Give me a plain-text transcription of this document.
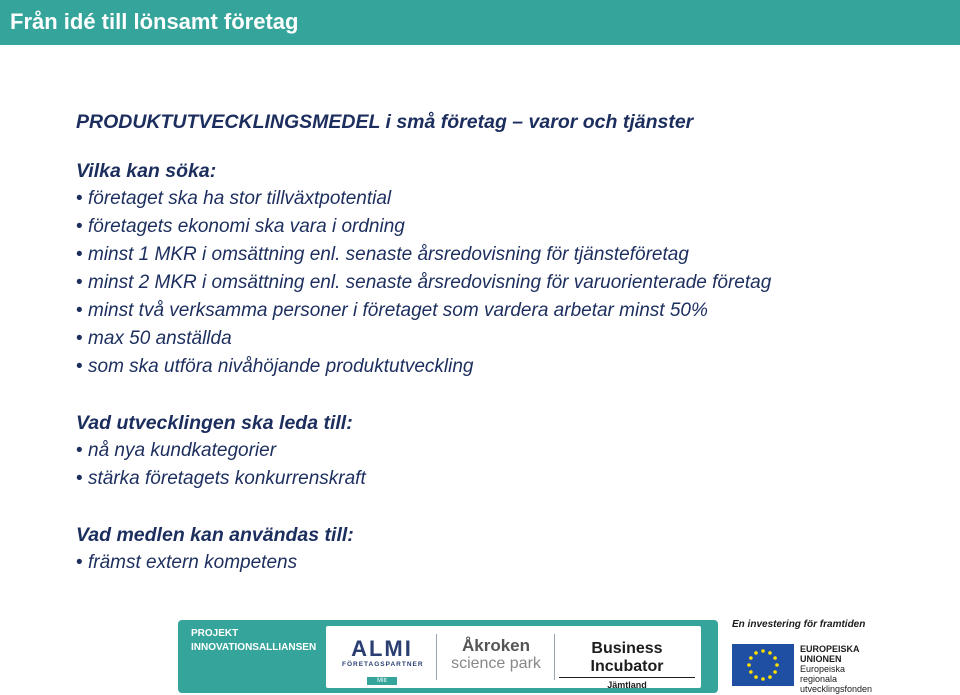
Från idé till lönsamt företag
PRODUKTUTVECKLINGSMEDEL i små företag – varor och tjänster
Vilka kan söka:
• företaget ska ha stor tillväxtpotential
• företagets ekonomi ska vara i ordning
• minst 1 MKR i omsättning enl. senaste årsredovisning för tjänsteföretag
• minst 2 MKR i omsättning enl. senaste årsredovisning för varuorienterade företag
• minst två verksamma personer i företaget som vardera arbetar minst 50%
• max 50 anställda
• som ska utföra nivåhöjande produktutveckling
Vad utvecklingen ska leda till:
• nå nya kundkategorier
• stärka företagets konkurrenskraft
Vad medlen kan användas till:
• främst extern kompetens
PROJEKT
INNOVATIONSALLIANSEN	ALMI
FÖRETAGSPARTNER
Mitt
Åkroken
science park
Business Incubator
Jämtland
En investering för framtiden
EUROPEISKA
UNIONEN
Europeiska
regionala
utvecklingsfonden
